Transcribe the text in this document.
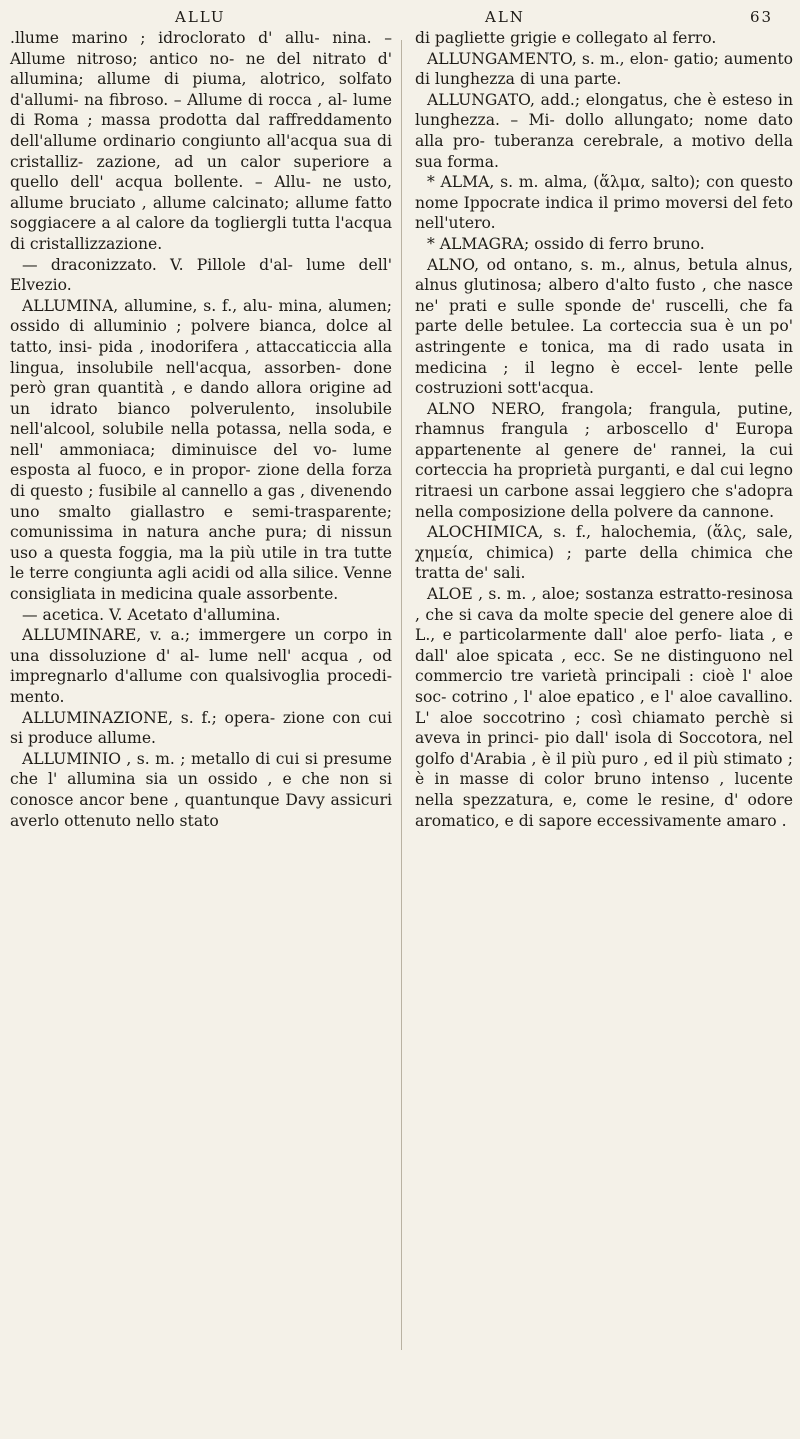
ALLU	ALN	63

.llume marino ; idroclorato d' allu- nina. – Allume nitroso; antico no- ne del nitrato d' allumina; allume di piuma, alotrico, solfato d'allumi- na fibroso. – Allume di rocca , al- lume di Roma ; massa prodotta dal raffreddamento dell'allume ordinario congiunto all'acqua sua di cristalliz- zazione, ad un calor superiore a quello dell' acqua bollente. – Allu- ne usto, allume bruciato , allume calcinato; allume fatto soggiacere a al calore da togliergli tutta l'acqua di cristallizzazione.

— draconizzato. V. Pillole d'al- lume dell' Elvezio.

ALLUMINA, allumine, s. f., alu- mina, alumen; ossido di alluminio ; polvere bianca, dolce al tatto, insi- pida , inodorifera , attaccaticcia alla lingua, insolubile nell'acqua, assorben- done però gran quantità , e dando allora origine ad un idrato bianco polverulento, insolubile nell'alcool, solubile nella potassa, nella soda, e nell' ammoniaca; diminuisce del vo- lume esposta al fuoco, e in propor- zione della forza di questo ; fusibile al cannello a gas , divenendo uno smalto giallastro e semi-trasparente; comunissima in natura anche pura; di nissun uso a questa foggia, ma la più utile in tra tutte le terre congiunta agli acidi od alla silice. Venne consigliata in medicina quale assorbente.

— acetica. V. Acetato d'allumina.

ALLUMINARE, v. a.; immergere un corpo in una dissoluzione d' al- lume nell' acqua , od impregnarlo d'allume con qualsivoglia procedi- mento.

ALLUMINAZIONE, s. f.; opera- zione con cui si produce allume.

ALLUMINIO , s. m. ; metallo di cui si presume che l' allumina sia un ossido , e che non si conosce ancor bene , quantunque Davy assicuri averlo ottenuto nello stato

di pagliette grigie e collegato al ferro.

ALLUNGAMENTO, s. m., elon- gatio; aumento di lunghezza di una parte.

ALLUNGATO, add.; elongatus, che è esteso in lunghezza. – Mi- dollo allungato; nome dato alla pro- tuberanza cerebrale, a motivo della sua forma.

* ALMA, s. m. alma, (ἅλμα, salto); con questo nome Ippocrate indica il primo moversi del feto nell'utero.

* ALMAGRA; ossido di ferro bruno.

ALNO, od ontano, s. m., alnus, betula alnus, alnus glutinosa; albero d'alto fusto , che nasce ne' prati e sulle sponde de' ruscelli, che fa parte delle betulee. La corteccia sua è un po' astringente e tonica, ma di rado usata in medicina ; il legno è eccel- lente pelle costruzioni sott'acqua.

ALNO NERO, frangola; frangula, putine, rhamnus frangula ; arboscello d' Europa appartenente al genere de' rannei, la cui corteccia ha proprietà purganti, e dal cui legno ritraesi un carbone assai leggiero che s'adopra nella composizione della polvere da cannone.

ALOCHIMICA, s. f., halochemia, (ἅλς, sale, χημεία, chimica) ; parte della chimica che tratta de' sali.

ALOE , s. m. , aloe; sostanza estratto-resinosa , che si cava da molte specie del genere aloe di L., e particolarmente dall' aloe perfo- liata , e dall' aloe spicata , ecc. Se ne distinguono nel commercio tre varietà principali : cioè l' aloe soc- cotrino , l' aloe epatico , e l' aloe cavallino. L' aloe soccotrino ; così chiamato perchè si aveva in princi- pio dall' isola di Soccotora, nel golfo d'Arabia , è il più puro , ed il più stimato ; è in masse di color bruno intenso , lucente nella spezzatura, e, come le resine, d' odore aromatico, e di sapore eccessivamente amaro .
